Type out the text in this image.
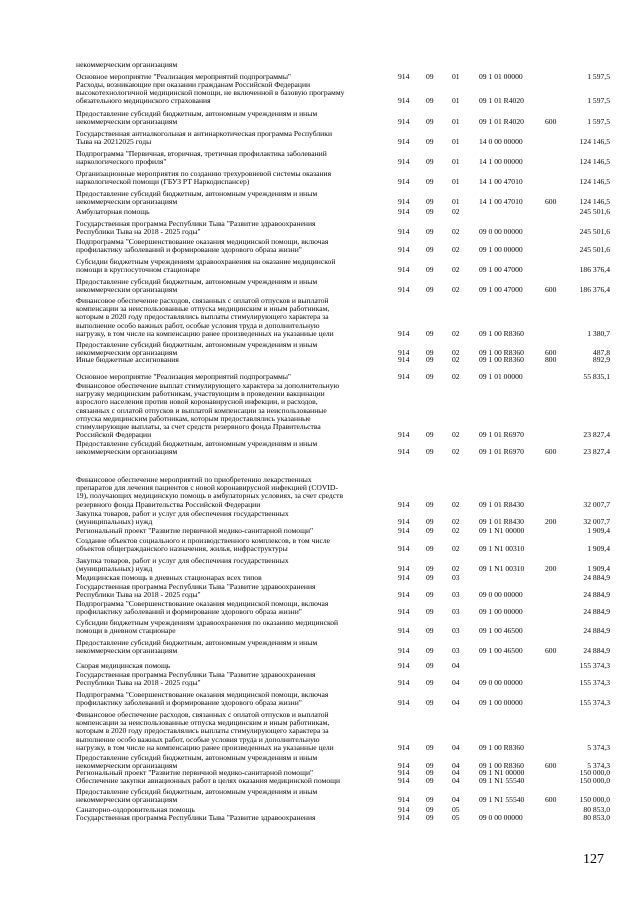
некоммерческим организациям
Основное мероприятие "Реализация мероприятий подпрограммы"	914 09 01	09 1 01 00000	1 597,5
Расходы, возникающие при оказании гражданам Российской Федерации
высокотехнологичной медицинской помощи, не включенной в базовую программу
обязательного медицинского страхования	914 09 01	09 1 01 R4020	1 597,5
Предоставление субсидий бюджетным, автономным учреждениям и иным
некоммерческим организациям	914 09 01	09 1 01 R4020	600	1 597,5
Государственная антиалкогольная и антинаркотическая программа Республики
Тыва на 20212025 годы	914 09 01	14 0 00 00000	124 146,5
Подпрограмма "Первичная, вторичная, третичная профилактика заболеваний
наркологического профиля"	914 09 01	14 1 00 00000	124 146,5
Организационные мероприятия по созданию трехуровневой системы оказания
наркологической помощи (ГБУЗ РТ Наркодиспансер)	914 09 01	14 1 00 47010	124 146,5
Предоставление субсидий бюджетным, автономным учреждениям и иным
некоммерческим организациям	914 09 01	14 1 00 47010	600	124 146,5
Амбулаторная помощь	914 09 02	245 501,6
Государственная программа Республики Тыва "Развитие здравоохранения
Республики Тыва на 2018 - 2025 годы"	914 09 02	09 0 00 00000	245 501,6
Подпрограмма "Совершенствование оказания медицинской помощи, включая
профилактику заболеваний и формирование здорового образа жизни"	914 09 02	09 1 00 00000	245 501,6
Субсидии бюджетным учреждениям здравоохранения на оказание медицинской
помощи в круглосуточном стационаре	914 09 02	09 1 00 47000	186 376,4
Предоставление субсидий бюджетным, автономным учреждениям и иным
некоммерческим организациям	914 09 02	09 1 00 47000	600	186 376,4
Финансовое обеспечение расходов, связанных с оплатой отпусков и выплатой
компенсации за неиспользованные отпуска медицинским и иным работникам,
которым в 2020 году предоставлялись выплаты стимулирующего характера за
выполнение особо важных работ, особые условия труда и дополнительную
нагрузку, в том числе на компенсацию ранее произведенных на указанные цели	914 09 02	09 1 00 R8360	1 380,7
Предоставление субсидий бюджетным, автономным учреждениям и иным
некоммерческим организациям	914 09 02	09 1 00 R8360	600	487,8
Иные бюджетные ассигнования	914 09 02	09 1 00 R8360	800	892,9
Основное мероприятие "Реализация мероприятий подпрограммы"	914 09 02	09 1 01 00000	55 835,1
Финансовое обеспечение выплат стимулирующего характера за дополнительную
нагрузку медицинским работникам, участвующим в проведении вакцинации
взрослого населения против новой коронавирусной инфекции, и расходов,
связанных с оплатой отпусков и выплатой компенсации за неиспользованные
отпуска медицинским работникам, которым предоставлялись указанные
стимулирующие выплаты, за счет средств резервного фонда Правительства
Российской Федерации	914 09 02	09 1 01 R6970	23 827,4
Предоставление субсидий бюджетным, автономным учреждениям и иным
некоммерческим организациям	914 09 02	09 1 01 R6970	600	23 827,4
Финансовое обеспечение мероприятий по приобретению лекарственных
препаратов для лечения пациентов с новой коронавирусной инфекцией (COVID-
19), получающих медицинскую помощь в амбулаторных условиях, за счет средств
резервного фонда Правительства Российской Федерации	914 09 02	09 1 01 R8430	32 007,7
Закупка товаров, работ и услуг для обеспечения государственных
(муниципальных) нужд	914 09 02	09 1 01 R8430	200	32 007,7
Региональный проект "Развитие первичной медико-санитарной помощи"	914 09 02	09 1 N1 00000	1 909,4
Создание объектов социального и производственного комплексов, в том числе
объектов общегражданского назначения, жилья, инфраструктуры	914 09 02	09 1 N1 00310	1 909,4
Закупка товаров, работ и услуг для обеспечения государственных
(муниципальных) нужд	914 09 02	09 1 N1 00310	200	1 909,4
Медицинская помощь в дневных стационарах всех типов	914 09 03	24 884,9
Государственная программа Республики Тыва "Развитие здравоохранения
Республики Тыва на 2018 - 2025 годы"	914 09 03	09 0 00 00000	24 884,9
Подпрограмма "Совершенствование оказания медицинской помощи, включая
профилактику заболеваний и формирование здорового образа жизни"	914 09 03	09 1 00 00000	24 884,9
Субсидии бюджетным учреждениям здравоохранения по оказанию медицинской
помощи в дневном стационаре	914 09 03	09 1 00 46500	24 884,9
Предоставление субсидий бюджетным, автономным учреждениям и иным
некоммерческим организациям	914 09 03	09 1 00 46500	600	24 884,9
Скорая медицинская помощь	914 09 04	155 374,3
Государственная программа Республики Тыва "Развитие здравоохранения
Республики Тыва на 2018 - 2025 годы"	914 09 04	09 0 00 00000	155 374,3
Подпрограмма "Совершенствование оказания медицинской помощи, включая
профилактику заболеваний и формирование здорового образа жизни"	914 09 04	09 1 00 00000	155 374,3
Финансовое обеспечение расходов, связанных с оплатой отпусков и выплатой
компенсации за неиспользованные отпуска медицинским и иным работникам,
которым в 2020 году предоставлялись выплаты стимулирующего характера за
выполнение особо важных работ, особые условия труда и дополнительную
нагрузку, в том числе на компенсацию ранее произведенных на указанные цели	914 09 04	09 1 00 R8360	5 374,3
Предоставление субсидий бюджетным, автономным учреждениям и иным
некоммерческим организациям	914 09 04	09 1 00 R8360	600	5 374,3
Региональный проект "Развитие первичной медико-санитарной помощи"	914 09 04	09 1 N1 00000	150 000,0
Обеспечение закупки авиационных работ в целях оказания медицинской помощи	914 09 04	09 1 N1 55540	150 000,0
Предоставление субсидий бюджетным, автономным учреждениям и иным
некоммерческим организациям	914 09 04	09 1 N1 55540	600	150 000,0
Санаторно-оздоровительная помощь	914 09 05	80 853,0
Государственная программа Республики Тыва "Развитие здравоохранения	914 09 05	09 0 00 00000	80 853,0
127
